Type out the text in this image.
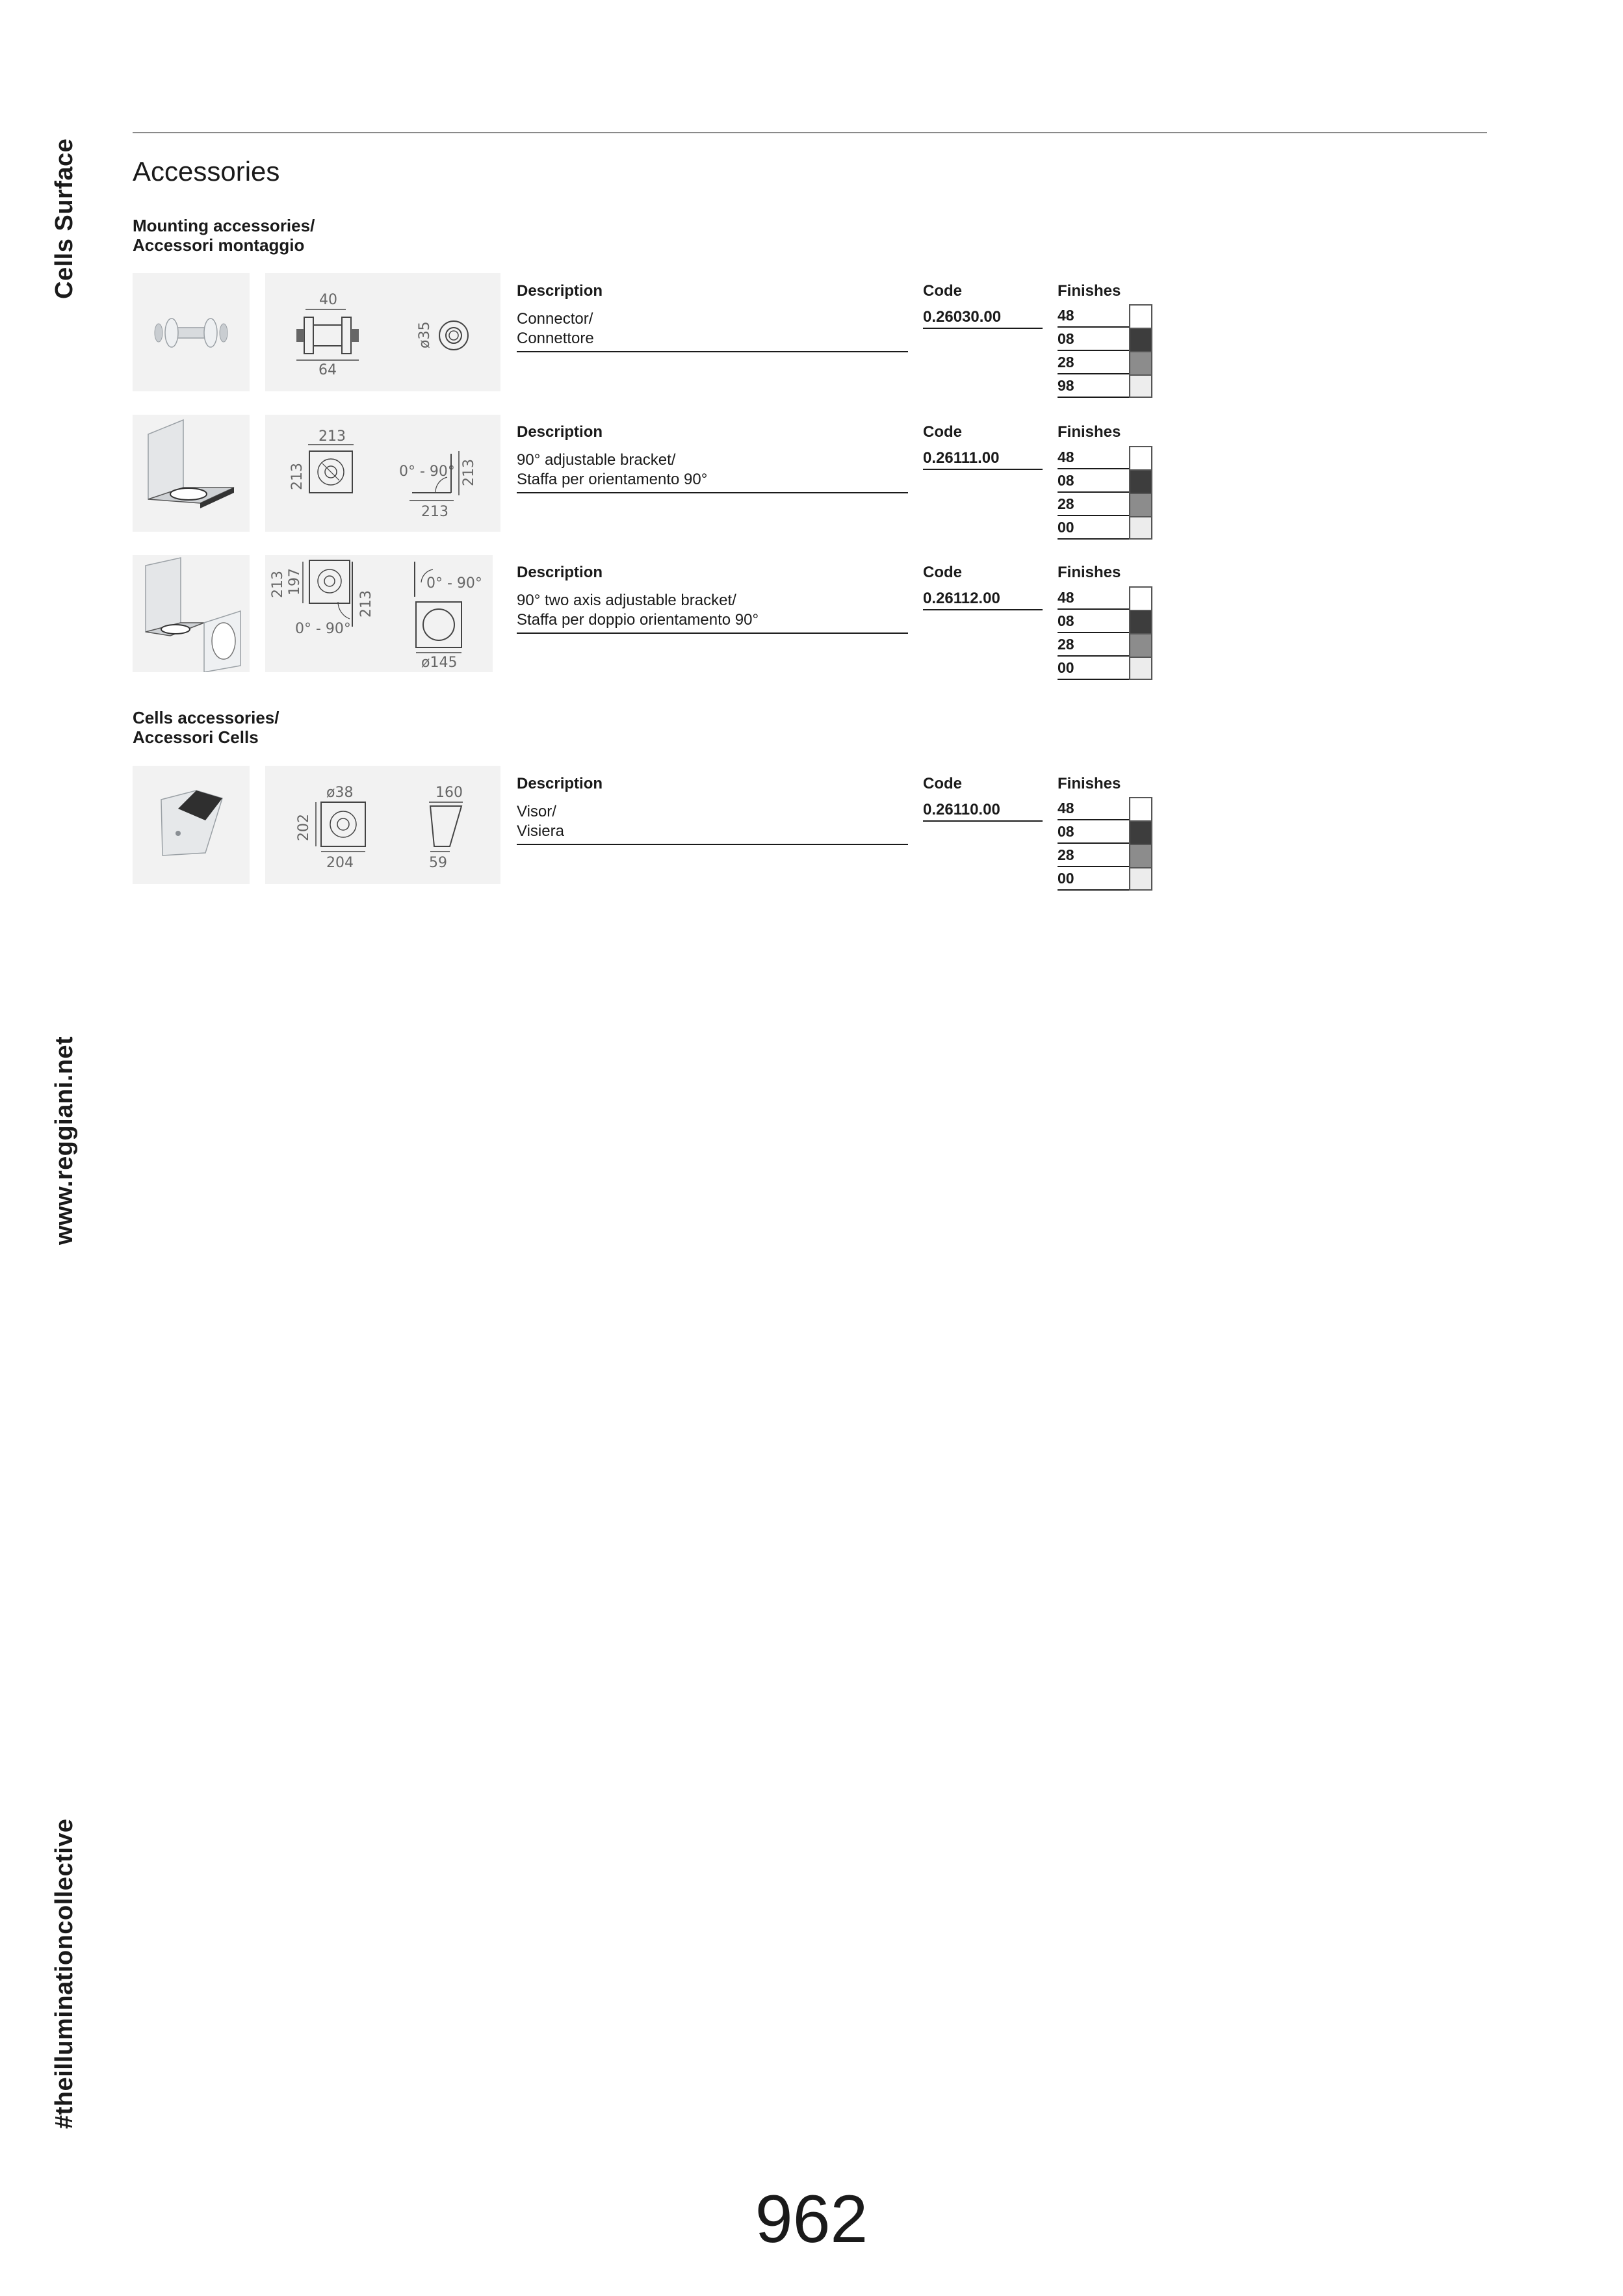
Cells Surface
www.reggiani.net
#theilluminationcollective
Accessories
Mounting accessories/
Accessori montaggio
Cells accessories/
Accessori Cells
40
64
ø35
Description
Connector/
Connettore
Code
0.26030.00
Finishes
48
08
28
98
213
213	0° - 90° 213
213
Description
90° adjustable bracket/
Staffa per orientamento 90°
Code
0.26111.00
Finishes
48
08
28
00
213 197
213
0° - 90°
0° - 90°
ø145
Description
90° two axis adjustable bracket/
Staffa per doppio orientamento 90°
Code
0.26112.00
Finishes
48
08
28
00
ø38
202
204
160
59
Description
Visor/
Visiera
Code
0.26110.00
Finishes
48
08
28
00
962
